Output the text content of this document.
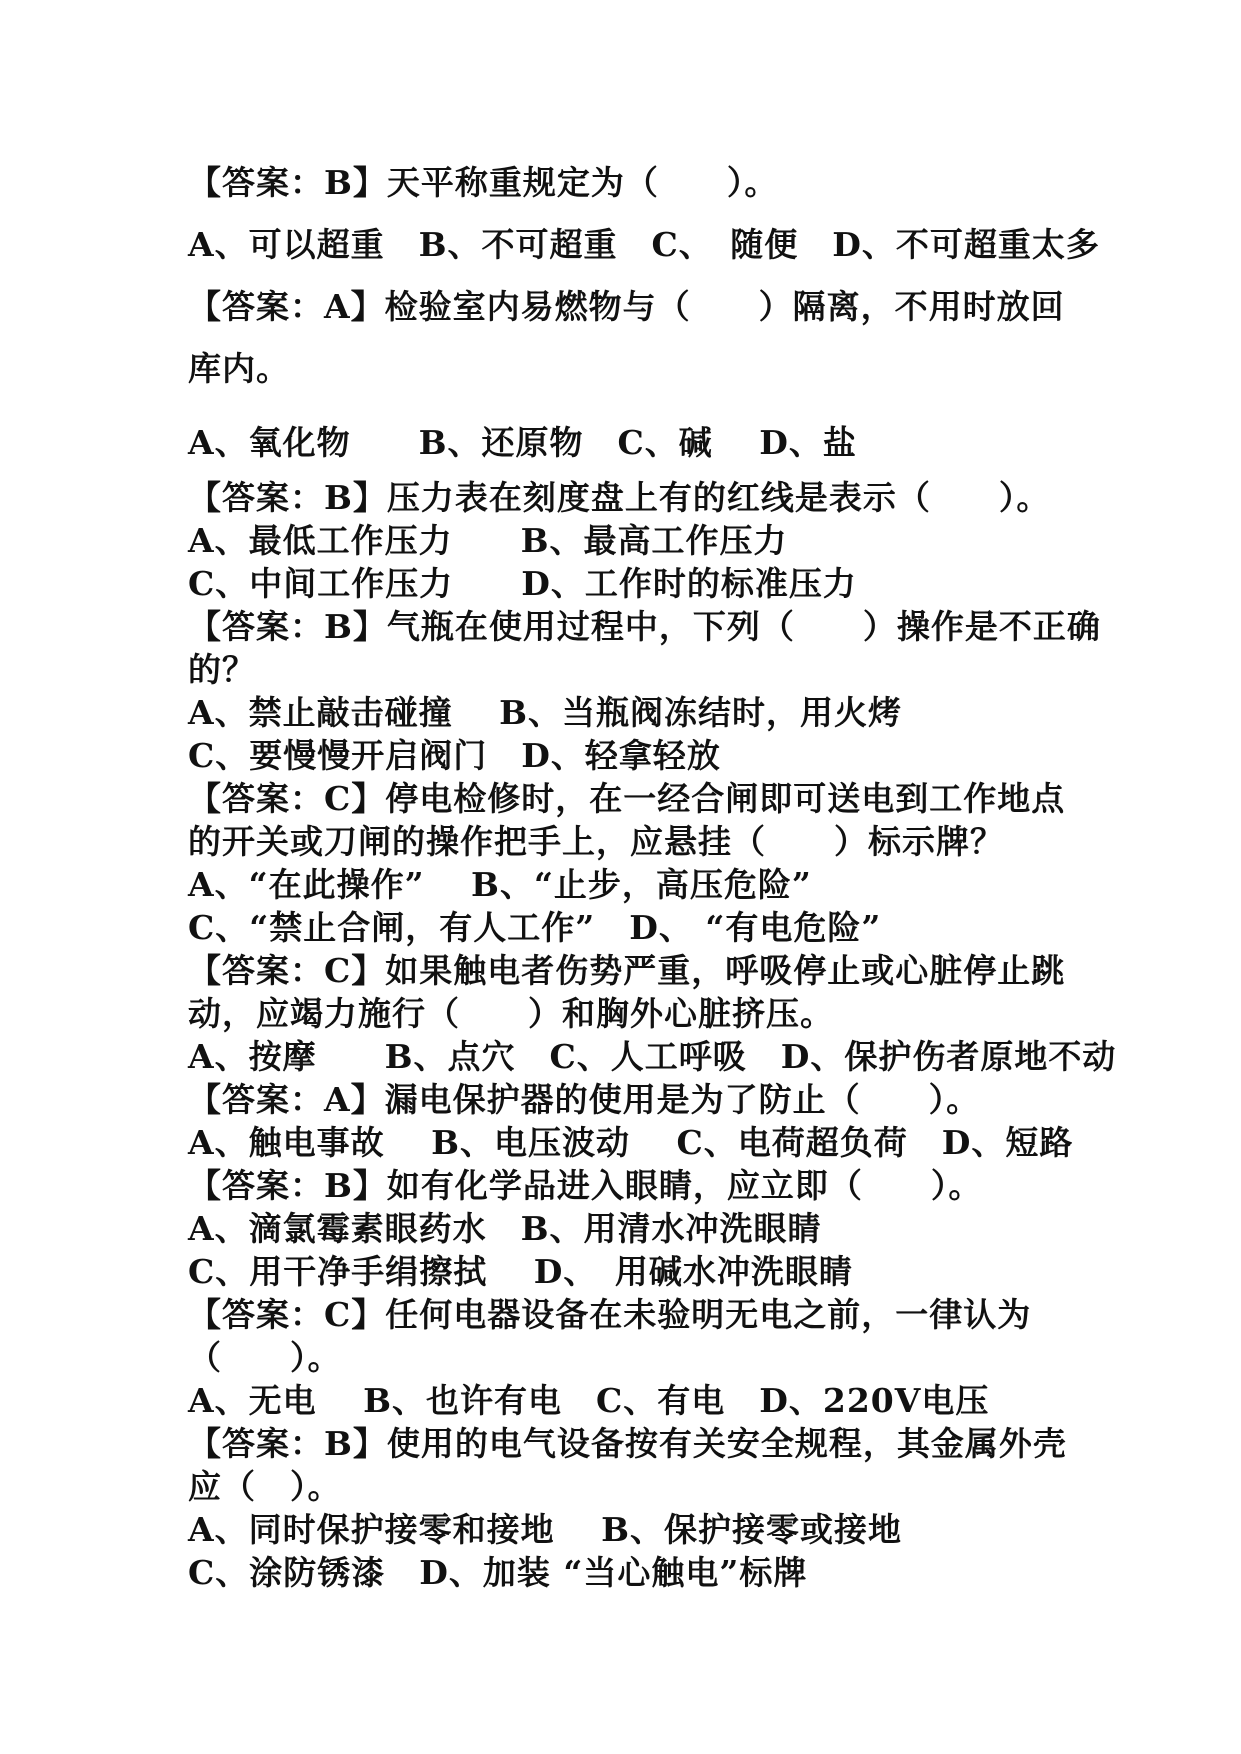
【答案：B】天平称重规定为（　　）。
A、可以超重　B、不可超重　C、　随便　D、不可超重太多
【答案：A】检验室内易燃物与（　　）隔离，不用时放回
库内。
A、氧化物　　B、还原物　C、碱　 D、盐
【答案：B】压力表在刻度盘上有的红线是表示（　　）。
A、最低工作压力　　B、最高工作压力
C、中间工作压力　　D、工作时的标准压力
【答案：B】气瓶在使用过程中，下列（　　）操作是不正确
的？
A、禁止敲击碰撞　 B、当瓶阀冻结时，用火烤
C、要慢慢开启阀门　D、轻拿轻放
【答案：C】停电检修时，在一经合闸即可送电到工作地点
的开关或刀闸的操作把手上，应悬挂（　　）标示牌？
A、“在此操作”　 B、“止步，高压危险”
C、“禁止合闸，有人工作”　D、 “有电危险”
【答案：C】如果触电者伤势严重，呼吸停止或心脏停止跳
动，应竭力施行（　　）和胸外心脏挤压。
A、按摩　　B、点穴　C、人工呼吸　D、保护伤者原地不动
【答案：A】漏电保护器的使用是为了防止（　　）。
A、触电事故　 B、电压波动　 C、电荷超负荷　D、短路
【答案：B】如有化学品进入眼睛，应立即（　　）。
A、滴氯霉素眼药水　B、用清水冲洗眼睛
C、用干净手绢擦拭　 D、　用碱水冲洗眼睛
【答案：C】任何电器设备在未验明无电之前，一律认为
（　　）。
A、无电　 B、也许有电　C、有电　D、220V电压
【答案：B】使用的电气设备按有关安全规程，其金属外壳
应（　）。
A、同时保护接零和接地　 B、保护接零或接地
C、涂防锈漆　D、加装 “当心触电”标牌
